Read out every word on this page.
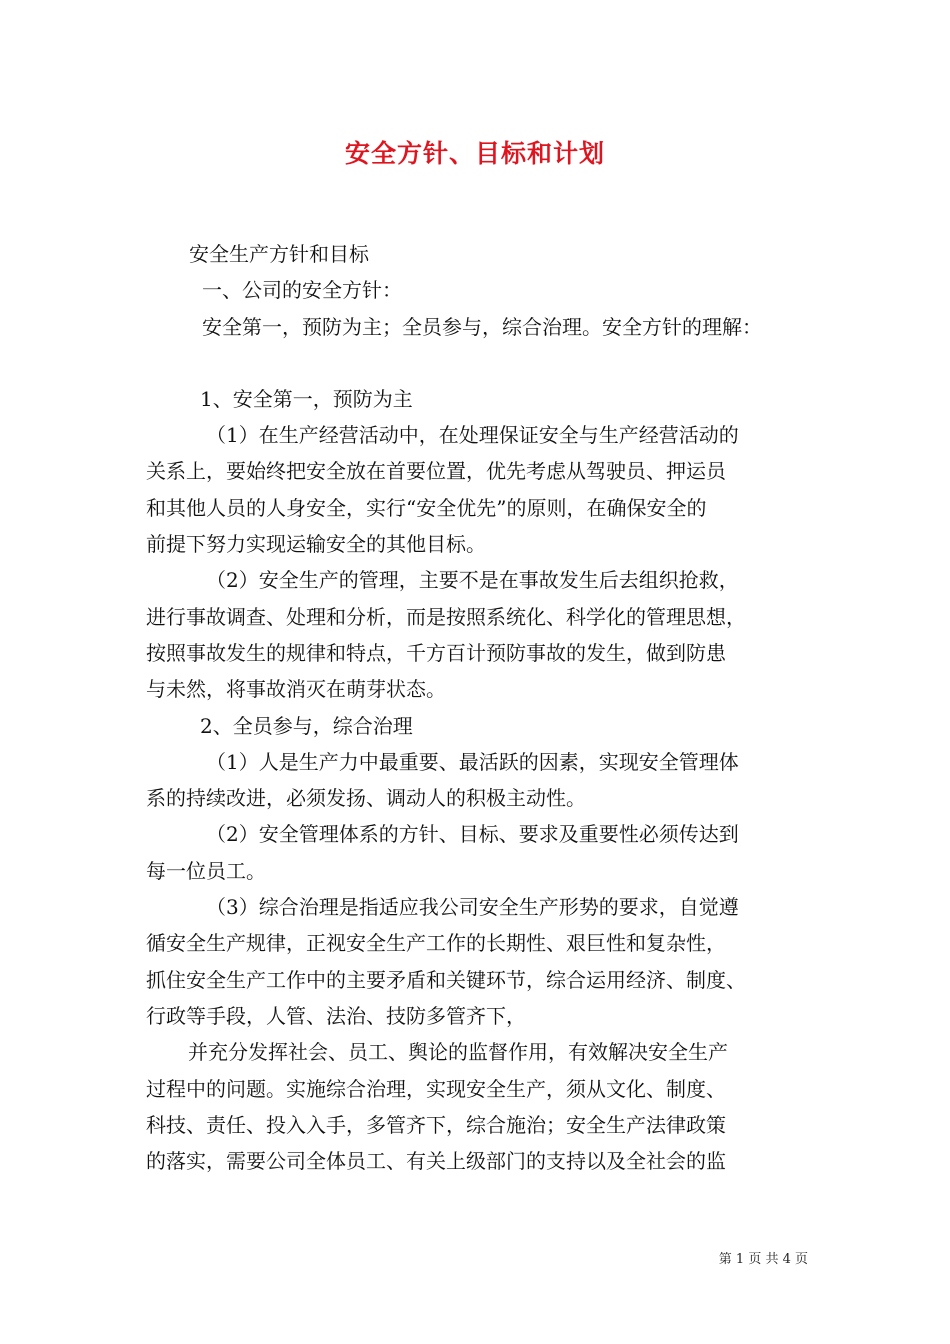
安全方针、目标和计划
安全生产方针和目标
一、公司的安全方针：
安全第一，预防为主；全员参与，综合治理。安全方针的理解：
1、安全第一，预防为主
（1）在生产经营活动中，在处理保证安全与生产经营活动的
关系上，要始终把安全放在首要位置，优先考虑从驾驶员、押运员
和其他人员的人身安全，实行“安全优先”的原则，在确保安全的
前提下努力实现运输安全的其他目标。
（2）安全生产的管理，主要不是在事故发生后去组织抢救，
进行事故调查、处理和分析，而是按照系统化、科学化的管理思想，
按照事故发生的规律和特点，千方百计预防事故的发生，做到防患
与未然，将事故消灭在萌芽状态。
2、全员参与，综合治理
（1）人是生产力中最重要、最活跃的因素，实现安全管理体
系的持续改进，必须发扬、调动人的积极主动性。
（2）安全管理体系的方针、目标、要求及重要性必须传达到
每一位员工。
（3）综合治理是指适应我公司安全生产形势的要求，自觉遵
循安全生产规律，正视安全生产工作的长期性、艰巨性和复杂性，
抓住安全生产工作中的主要矛盾和关键环节，综合运用经济、制度、
行政等手段，人管、法治、技防多管齐下，
并充分发挥社会、员工、舆论的监督作用，有效解决安全生产
过程中的问题。实施综合治理，实现安全生产，须从文化、制度、
科技、责任、投入入手，多管齐下，综合施治；安全生产法律政策
的落实，需要公司全体员工、有关上级部门的支持以及全社会的监
第 1 页 共 4 页
